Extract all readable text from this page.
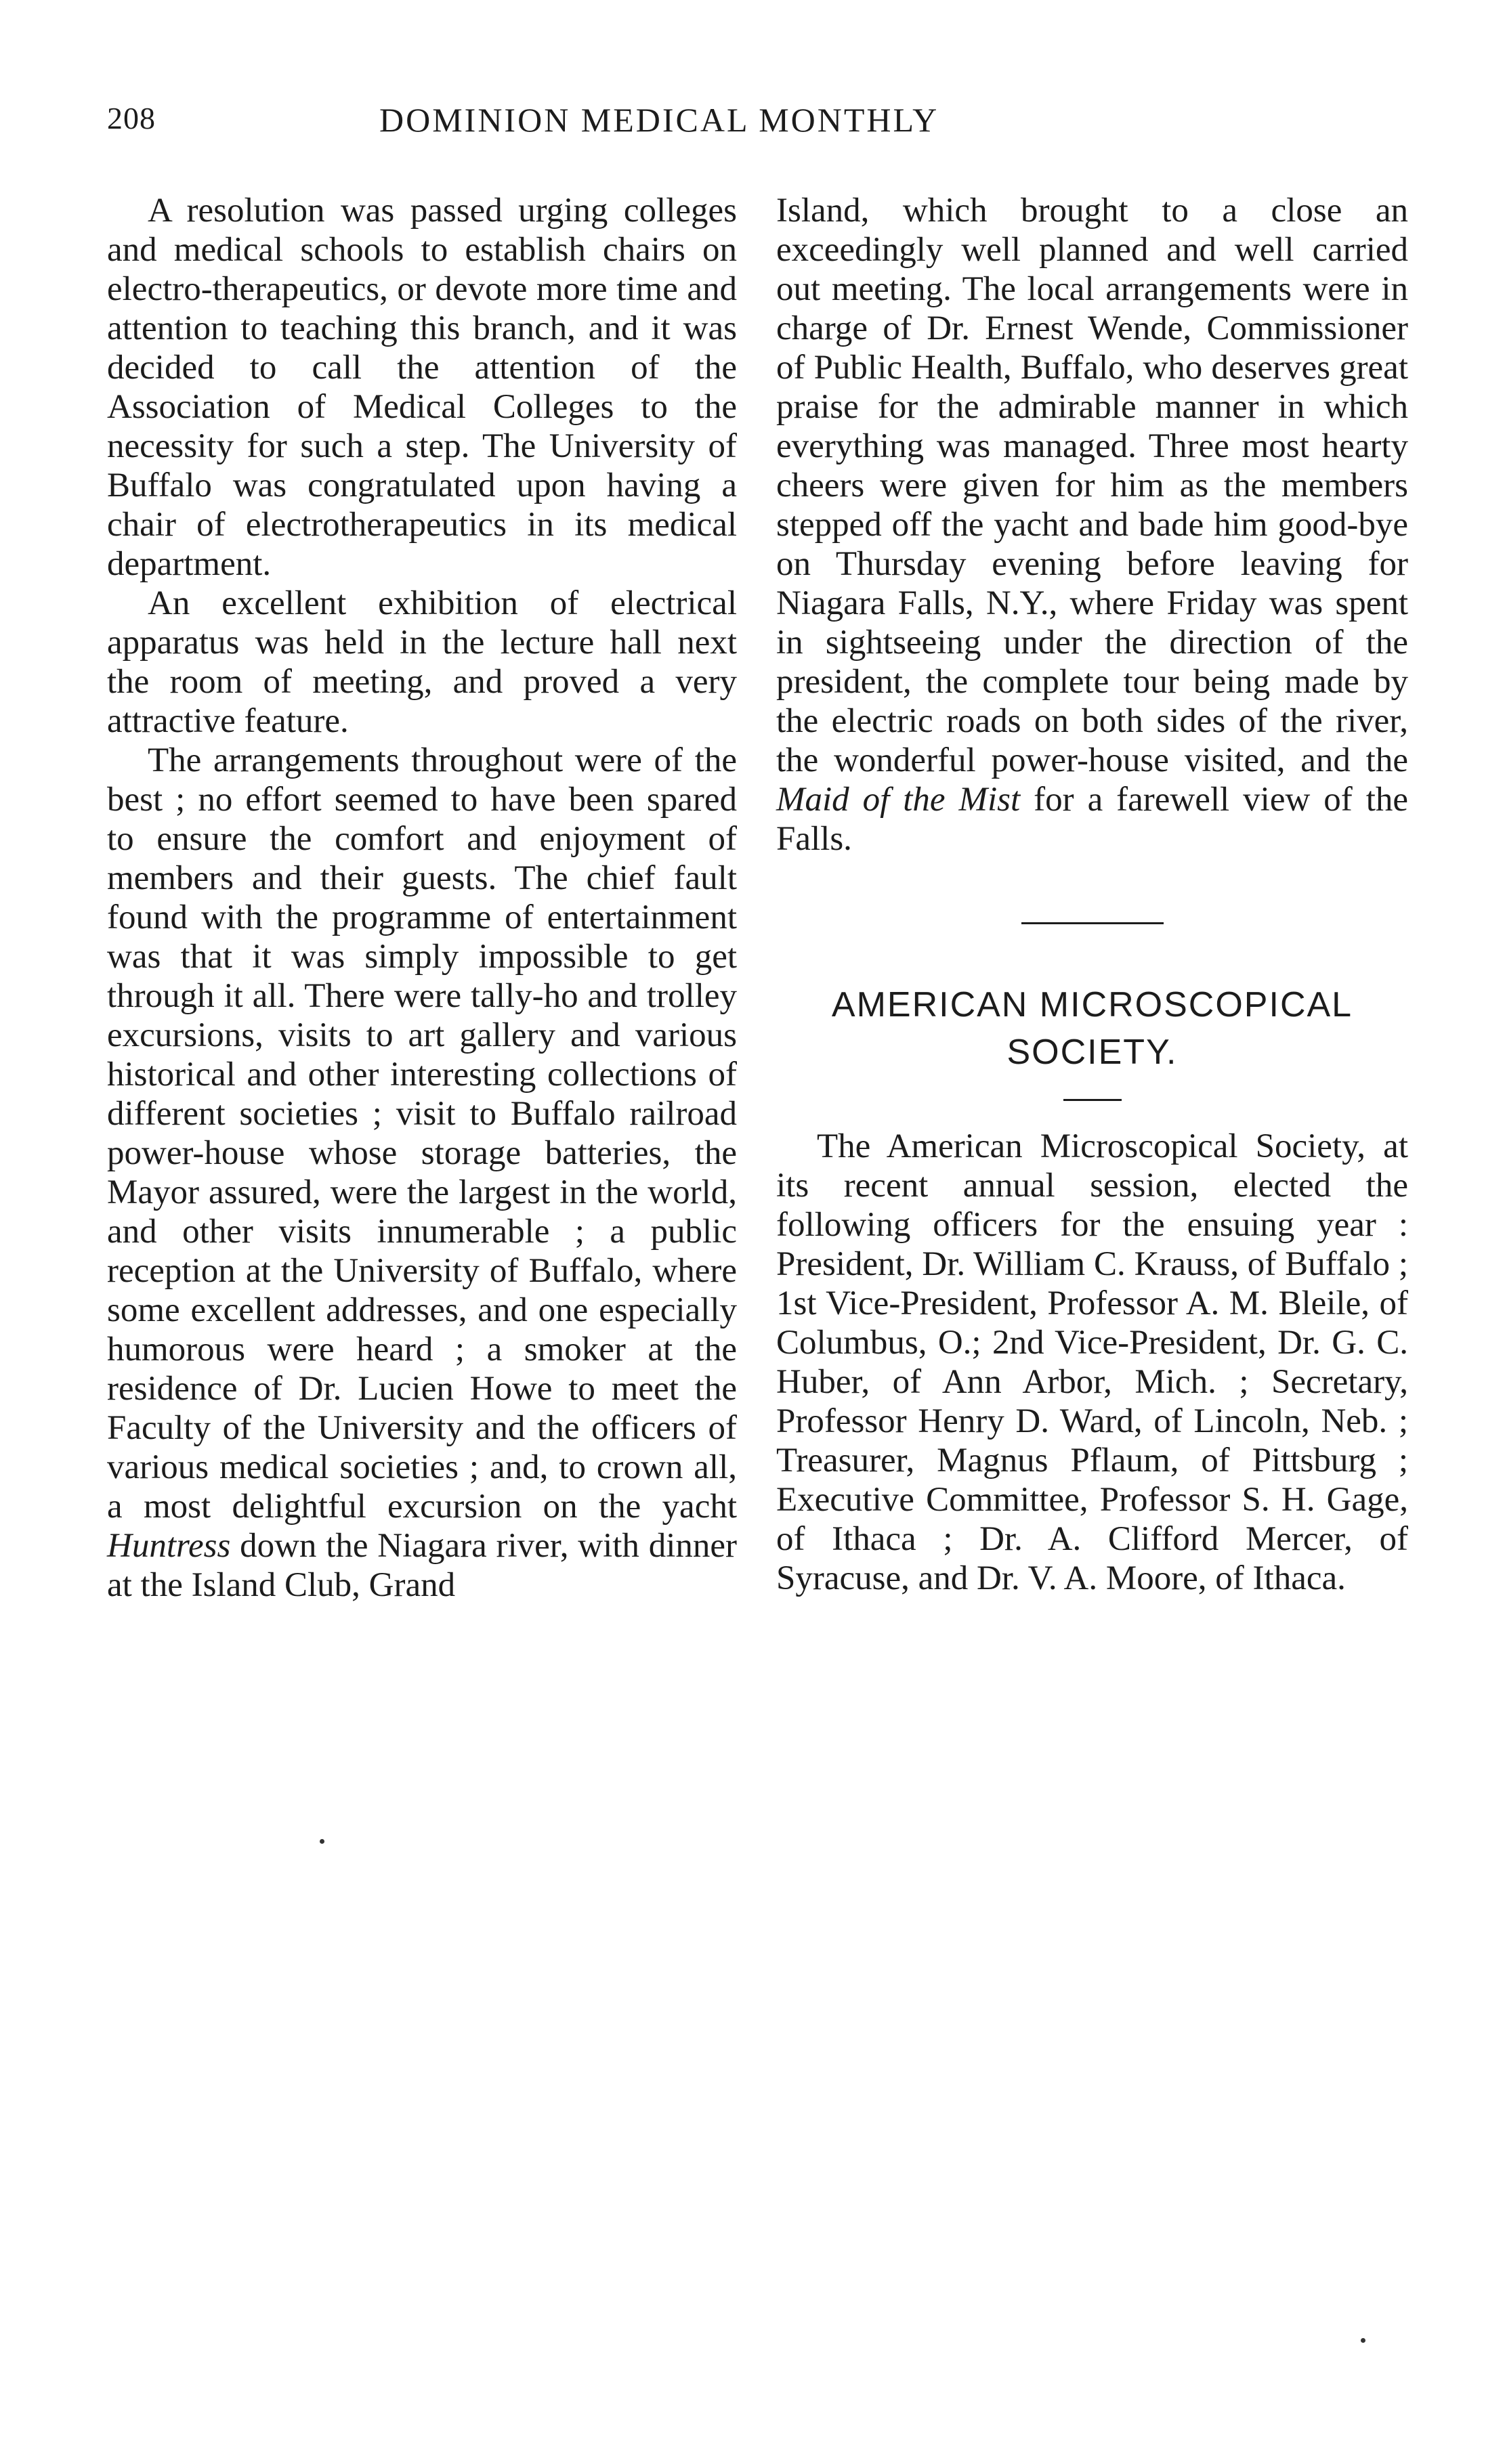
208	DOMINION MEDICAL MONTHLY

A resolution was passed urging colleges and medical schools to establish chairs on electro-therapeutics, or devote more time and attention to teaching this branch, and it was decided to call the attention of the Association of Medical Colleges to the necessity for such a step. The University of Buffalo was congratulated upon having a chair of electrotherapeutics in its medical department.

An excellent exhibition of electrical apparatus was held in the lecture hall next the room of meeting, and proved a very attractive feature.

The arrangements throughout were of the best ; no effort seemed to have been spared to ensure the comfort and enjoyment of members and their guests. The chief fault found with the programme of entertainment was that it was simply impossible to get through it all. There were tally-ho and trolley excursions, visits to art gallery and various historical and other interesting collections of different societies ; visit to Buffalo railroad power-house whose storage batteries, the Mayor assured, were the largest in the world, and other visits innumerable ; a public reception at the University of Buffalo, where some excellent addresses, and one especially humorous were heard ; a smoker at the residence of Dr. Lucien Howe to meet the Faculty of the University and the officers of various medical societies ; and, to crown all, a most delightful excursion on the yacht Huntress down the Niagara river, with dinner at the Island Club, Grand

Island, which brought to a close an exceedingly well planned and well carried out meeting. The local arrangements were in charge of Dr. Ernest Wende, Commissioner of Public Health, Buffalo, who deserves great praise for the admirable manner in which everything was managed. Three most hearty cheers were given for him as the members stepped off the yacht and bade him good-bye on Thursday evening before leaving for Niagara Falls, N.Y., where Friday was spent in sightseeing under the direction of the president, the complete tour being made by the electric roads on both sides of the river, the wonderful power-house visited, and the Maid of the Mist for a farewell view of the Falls.

AMERICAN MICROSCOPICAL SOCIETY.

The American Microscopical Society, at its recent annual session, elected the following officers for the ensuing year : President, Dr. William C. Krauss, of Buffalo ; 1st Vice-President, Professor A. M. Bleile, of Columbus, O.; 2nd Vice-President, Dr. G. C. Huber, of Ann Arbor, Mich. ; Secretary, Professor Henry D. Ward, of Lincoln, Neb. ; Treasurer, Magnus Pflaum, of Pittsburg ; Executive Committee, Professor S. H. Gage, of Ithaca ; Dr. A. Clifford Mercer, of Syracuse, and Dr. V. A. Moore, of Ithaca.
